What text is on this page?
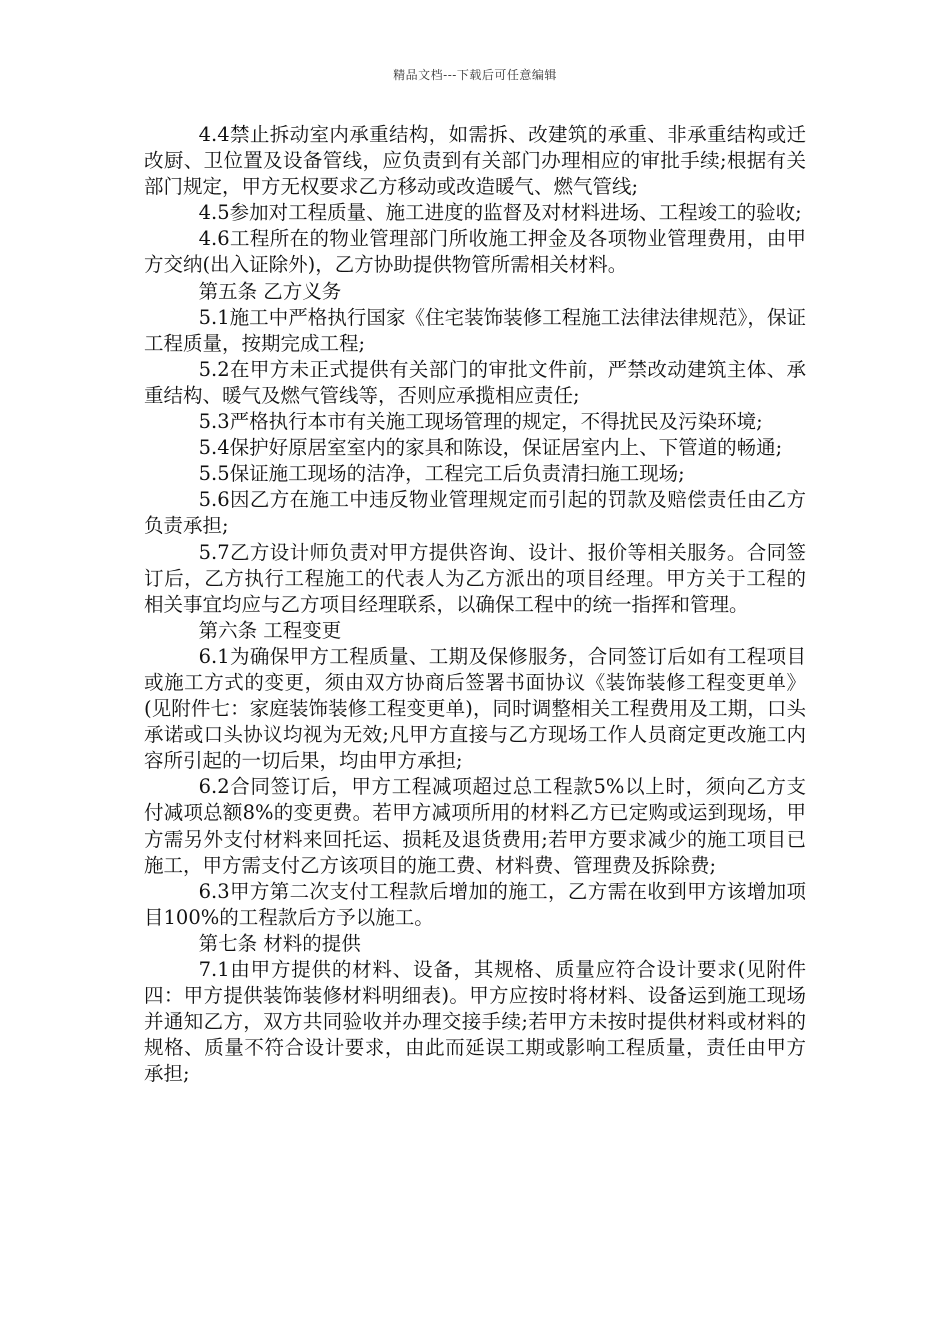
精品文档---下载后可任意编辑

4.4禁止拆动室内承重结构，如需拆、改建筑的承重、非承重结构或迁改厨、卫位置及设备管线，应负责到有关部门办理相应的审批手续;根据有关部门规定，甲方无权要求乙方移动或改造暖气、燃气管线;

4.5参加对工程质量、施工进度的监督及对材料进场、工程竣工的验收;

4.6工程所在的物业管理部门所收施工押金及各项物业管理费用，由甲方交纳(出入证除外)，乙方协助提供物管所需相关材料。

第五条 乙方义务

5.1施工中严格执行国家《住宅装饰装修工程施工法律法律规范》，保证工程质量，按期完成工程;

5.2在甲方未正式提供有关部门的审批文件前，严禁改动建筑主体、承重结构、暖气及燃气管线等，否则应承揽相应责任;

5.3严格执行本市有关施工现场管理的规定，不得扰民及污染环境;

5.4保护好原居室室内的家具和陈设，保证居室内上、下管道的畅通;

5.5保证施工现场的洁净，工程完工后负责清扫施工现场;

5.6因乙方在施工中违反物业管理规定而引起的罚款及赔偿责任由乙方负责承担;

5.7乙方设计师负责对甲方提供咨询、设计、报价等相关服务。合同签订后，乙方执行工程施工的代表人为乙方派出的项目经理。甲方关于工程的相关事宜均应与乙方项目经理联系，以确保工程中的统一指挥和管理。

第六条 工程变更

6.1为确保甲方工程质量、工期及保修服务，合同签订后如有工程项目或施工方式的变更，须由双方协商后签署书面协议《装饰装修工程变更单》(见附件七：家庭装饰装修工程变更单)，同时调整相关工程费用及工期，口头承诺或口头协议均视为无效;凡甲方直接与乙方现场工作人员商定更改施工内容所引起的一切后果，均由甲方承担;

6.2合同签订后，甲方工程减项超过总工程款5%以上时，须向乙方支付减项总额8%的变更费。若甲方减项所用的材料乙方已定购或运到现场，甲方需另外支付材料来回托运、损耗及退货费用;若甲方要求减少的施工项目已施工，甲方需支付乙方该项目的施工费、材料费、管理费及拆除费;

6.3甲方第二次支付工程款后增加的施工，乙方需在收到甲方该增加项目100%的工程款后方予以施工。

第七条 材料的提供

7.1由甲方提供的材料、设备，其规格、质量应符合设计要求(见附件四：甲方提供装饰装修材料明细表)。甲方应按时将材料、设备运到施工现场并通知乙方，双方共同验收并办理交接手续;若甲方未按时提供材料或材料的规格、质量不符合设计要求，由此而延误工期或影响工程质量，责任由甲方承担;
